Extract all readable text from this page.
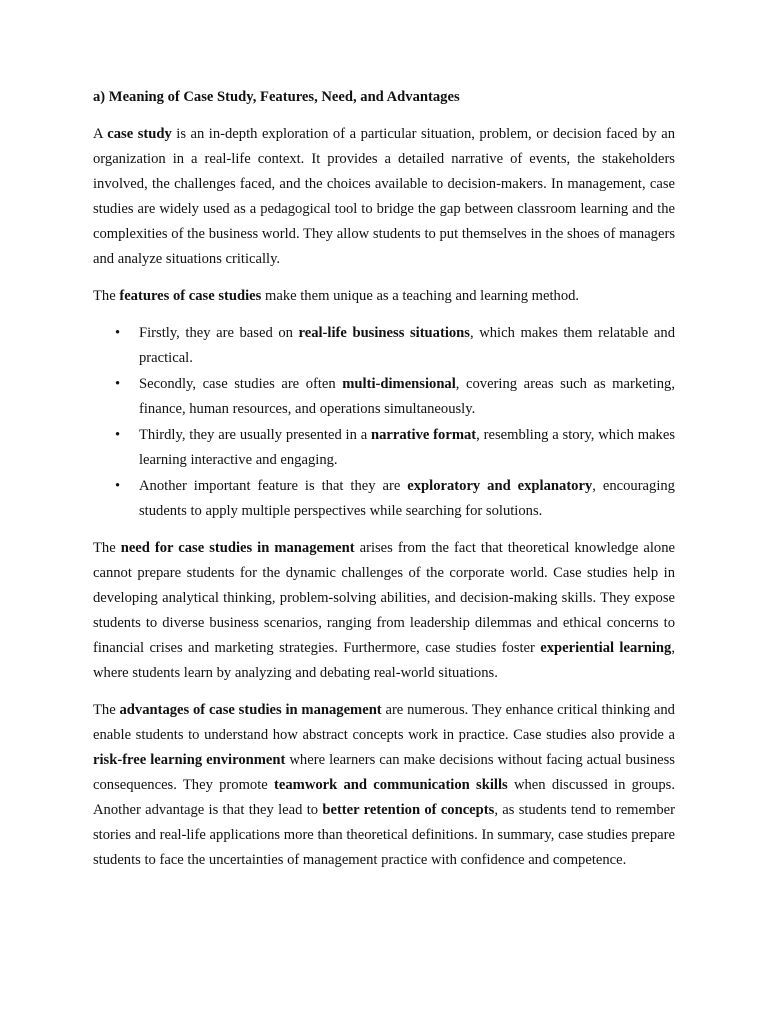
a) Meaning of Case Study, Features, Need, and Advantages

A case study is an in-depth exploration of a particular situation, problem, or decision faced by an organization in a real-life context. It provides a detailed narrative of events, the stakeholders involved, the challenges faced, and the choices available to decision-makers. In management, case studies are widely used as a pedagogical tool to bridge the gap between classroom learning and the complexities of the business world. They allow students to put themselves in the shoes of managers and analyze situations critically.

The features of case studies make them unique as a teaching and learning method.

• Firstly, they are based on real-life business situations, which makes them relatable and practical.
• Secondly, case studies are often multi-dimensional, covering areas such as marketing, finance, human resources, and operations simultaneously.
• Thirdly, they are usually presented in a narrative format, resembling a story, which makes learning interactive and engaging.
• Another important feature is that they are exploratory and explanatory, encouraging students to apply multiple perspectives while searching for solutions.

The need for case studies in management arises from the fact that theoretical knowledge alone cannot prepare students for the dynamic challenges of the corporate world. Case studies help in developing analytical thinking, problem-solving abilities, and decision-making skills. They expose students to diverse business scenarios, ranging from leadership dilemmas and ethical concerns to financial crises and marketing strategies. Furthermore, case studies foster experiential learning, where students learn by analyzing and debating real-world situations.

The advantages of case studies in management are numerous. They enhance critical thinking and enable students to understand how abstract concepts work in practice. Case studies also provide a risk-free learning environment where learners can make decisions without facing actual business consequences. They promote teamwork and communication skills when discussed in groups. Another advantage is that they lead to better retention of concepts, as students tend to remember stories and real-life applications more than theoretical definitions. In summary, case studies prepare students to face the uncertainties of management practice with confidence and competence.
